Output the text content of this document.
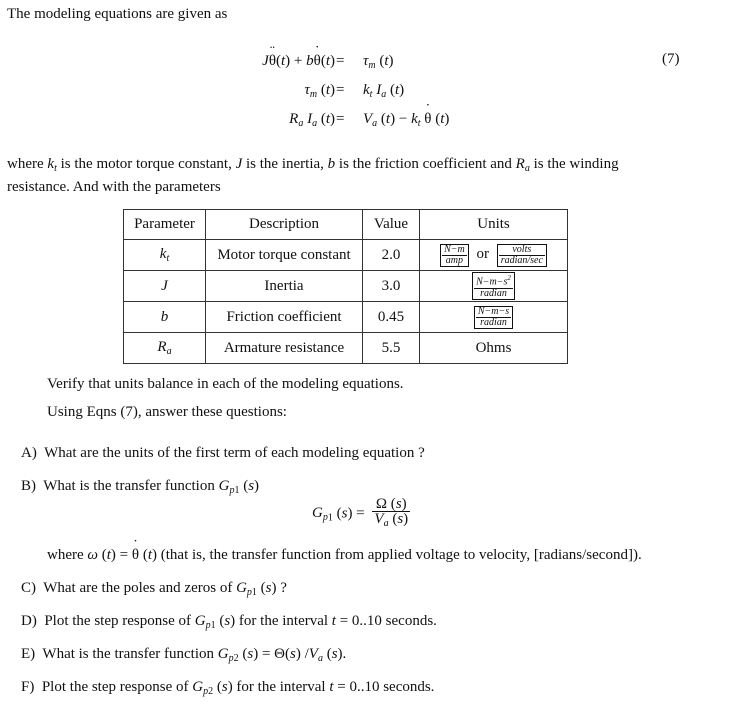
The modeling equations are given as
J¨ θ(t) + b˙ $\theta(t) = \tau_m$ (t)
$\tau_m$ $(t) = k_t$ $I_a$ (t)
$R_a$ $I_a$ $(t) = V_a$ $(t) - k_t$ ˙ θ (t)
(7)
where $k_t$ is the motor torque constant, J is the inertia, b is the friction coefficient and $R_a$ is the winding
resistance. And with the parameters
Parameter	Description	Value	Units
$k_t$	Motor torque constant	2.0	$\frac{N-m}{\text{amp}}$ or $\frac{\text{volts}}{\text{radian/sec}}$

J	Inertia	3.0	$\frac{N-m-s^2}{\text{radian}}$

b	Friction coefficient	0.45	$\frac{N-m-s}{\text{radian}}$

$R_a$	Armature resistance	5.5	Ohms
Verify that units balance in each of the modeling equations.
Using Eqns (7), answer these questions:
A) What are the units of the first term of each modeling equation ?
B) What is the transfer function $G_{p1}$ (s)
$G_{p1}$ $(s) = \frac{\Omega (s)}{V_a (s)}$
where ω (t) = ˙ θ (t) (that is, the transfer function from applied voltage to velocity, [radians/second]).
C) What are the poles and zeros of $G_{p1}$ (s) ?
D) Plot the step response of $G_{p1}$ (s) for the interval t = 0..10 seconds.
E) What is the transfer function $G_{p2}$ (s) = Θ(s) $/V_a$ (s).
F) Plot the step response of $G_{p2}$ (s) for the interval t = 0..10 seconds.
